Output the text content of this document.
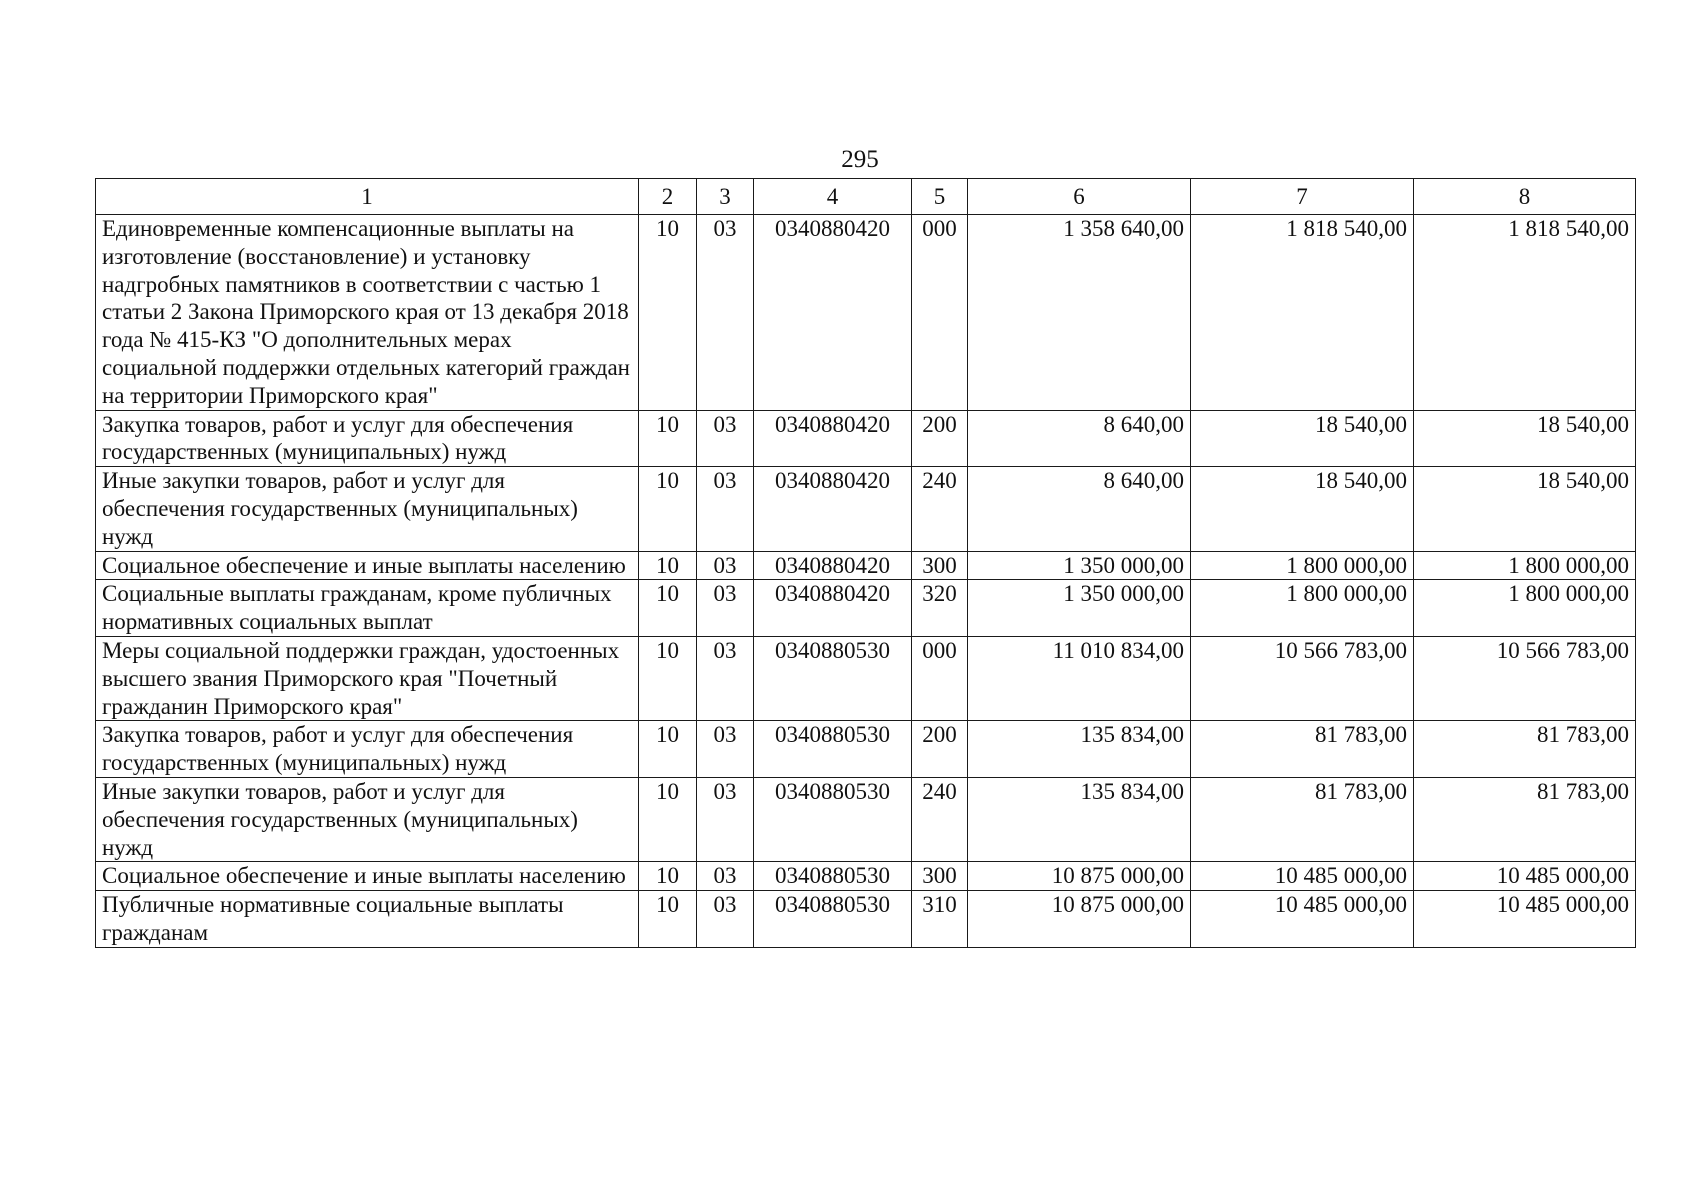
295
1	2	3	4	5	6	7	8
Единовременные компенсационные выплаты на изготовление (восстановление) и установку надгробных памятников в соответствии с частью 1 статьи 2 Закона Приморского края от 13 декабря 2018 года № 415-КЗ "О дополнительных мерах социальной поддержки отдельных категорий граждан на территории Приморского края"	10	03	0340880420	000	1 358 640,00	1 818 540,00	1 818 540,00
Закупка товаров, работ и услуг для обеспечения государственных (муниципальных) нужд	10	03	0340880420	200	8 640,00	18 540,00	18 540,00
Иные закупки товаров, работ и услуг для обеспечения государственных (муниципальных) нужд	10	03	0340880420	240	8 640,00	18 540,00	18 540,00
Социальное обеспечение и иные выплаты населению	10	03	0340880420	300	1 350 000,00	1 800 000,00	1 800 000,00
Социальные выплаты гражданам, кроме публичных нормативных социальных выплат	10	03	0340880420	320	1 350 000,00	1 800 000,00	1 800 000,00
Меры социальной поддержки граждан, удостоенных высшего звания Приморского края "Почетный гражданин Приморского края"	10	03	0340880530	000	11 010 834,00	10 566 783,00	10 566 783,00
Закупка товаров, работ и услуг для обеспечения государственных (муниципальных) нужд	10	03	0340880530	200	135 834,00	81 783,00	81 783,00
Иные закупки товаров, работ и услуг для обеспечения государственных (муниципальных) нужд	10	03	0340880530	240	135 834,00	81 783,00	81 783,00
Социальное обеспечение и иные выплаты населению	10	03	0340880530	300	10 875 000,00	10 485 000,00	10 485 000,00
Публичные нормативные социальные выплаты гражданам	10	03	0340880530	310	10 875 000,00	10 485 000,00	10 485 000,00
